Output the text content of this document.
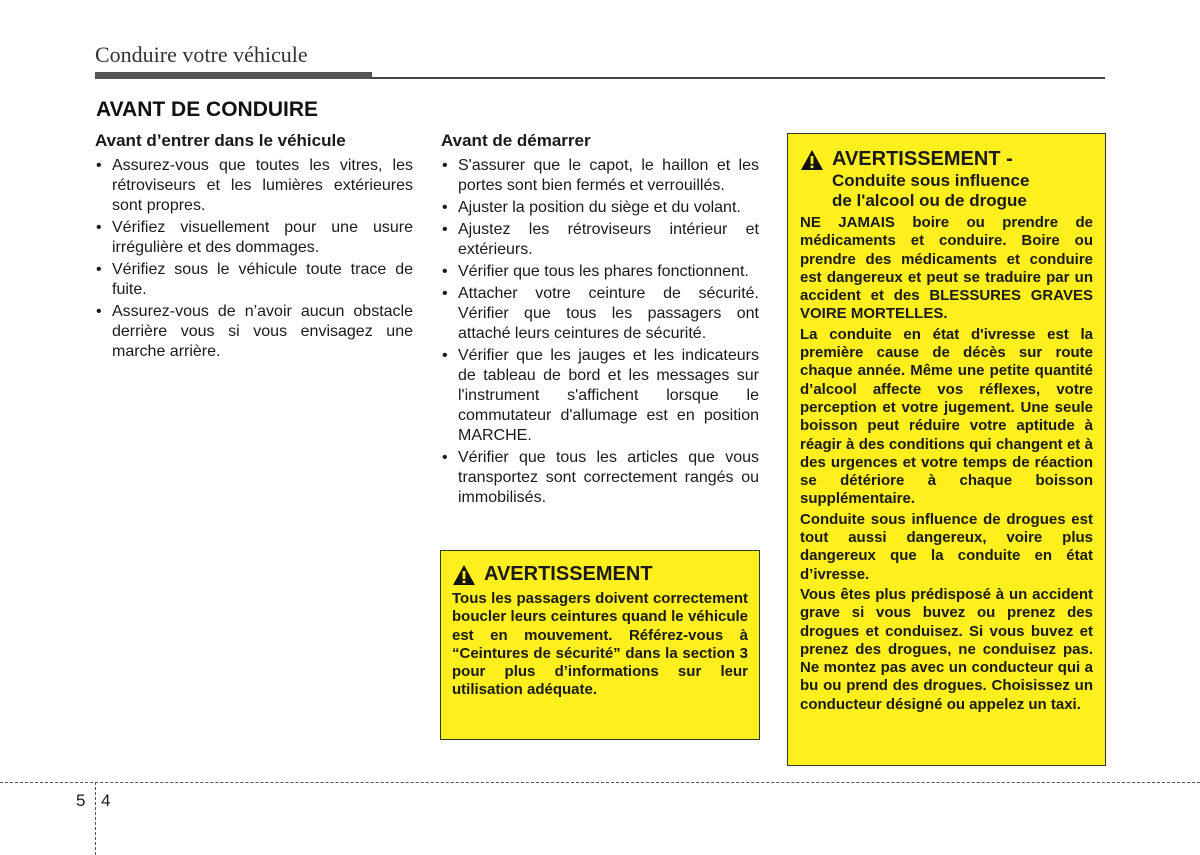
Conduire votre véhicule
AVANT DE CONDUIRE
Avant d’entrer dans le véhicule
• Assurez-vous que toutes les vitres, les rétroviseurs et les lumières extérieures sont propres.
• Vérifiez visuellement pour une usure irrégulière et des dommages.
• Vérifiez sous le véhicule toute trace de fuite.
• Assurez-vous de n’avoir aucun obstacle derrière vous si vous envisagez une marche arrière.
Avant de démarrer
• S'assurer que le capot, le haillon et les portes sont bien fermés et verrouillés.
• Ajuster la position du siège et du volant.
• Ajustez les rétroviseurs intérieur et extérieurs.
• Vérifier que tous les phares fonctionnent.
• Attacher votre ceinture de sécurité. Vérifier que tous les passagers ont attaché leurs ceintures de sécurité.
• Vérifier que les jauges et les indicateurs de tableau de bord et les messages sur l'instrument s'affichent lorsque le commutateur d'allumage est en position MARCHE.
• Vérifier que tous les articles que vous transportez sont correctement rangés ou immobilisés.
AVERTISSEMENT

Tous les passagers doivent correctement boucler leurs ceintures quand le véhicule est en mouvement. Référez-vous à “Ceintures de sécurité” dans la section 3 pour plus d’informations sur leur utilisation adéquate.

AVERTISSEMENT -
Conduite sous influence
de l'alcool ou de drogue

NE JAMAIS boire ou prendre de médicaments et conduire. Boire ou prendre des médicaments et conduire est dangereux et peut se traduire par un accident et des BLESSURES GRAVES VOIRE MORTELLES.

La conduite en état d'ivresse est la première cause de décès sur route chaque année. Même une petite quantité d’alcool affecte vos réflexes, votre perception et votre jugement. Une seule boisson peut réduire votre aptitude à réagir à des conditions qui changent et à des urgences et votre temps de réaction se détériore à chaque boisson supplémentaire.

Conduite sous influence de drogues est tout aussi dangereux, voire plus dangereux que la conduite en état d’ivresse.

Vous êtes plus prédisposé à un accident grave si vous buvez ou prenez des drogues et conduisez. Si vous buvez et prenez des drogues, ne conduisez pas. Ne montez pas avec un conducteur qui a bu ou prend des drogues. Choisissez un conducteur désigné ou appelez un taxi.

5 4
